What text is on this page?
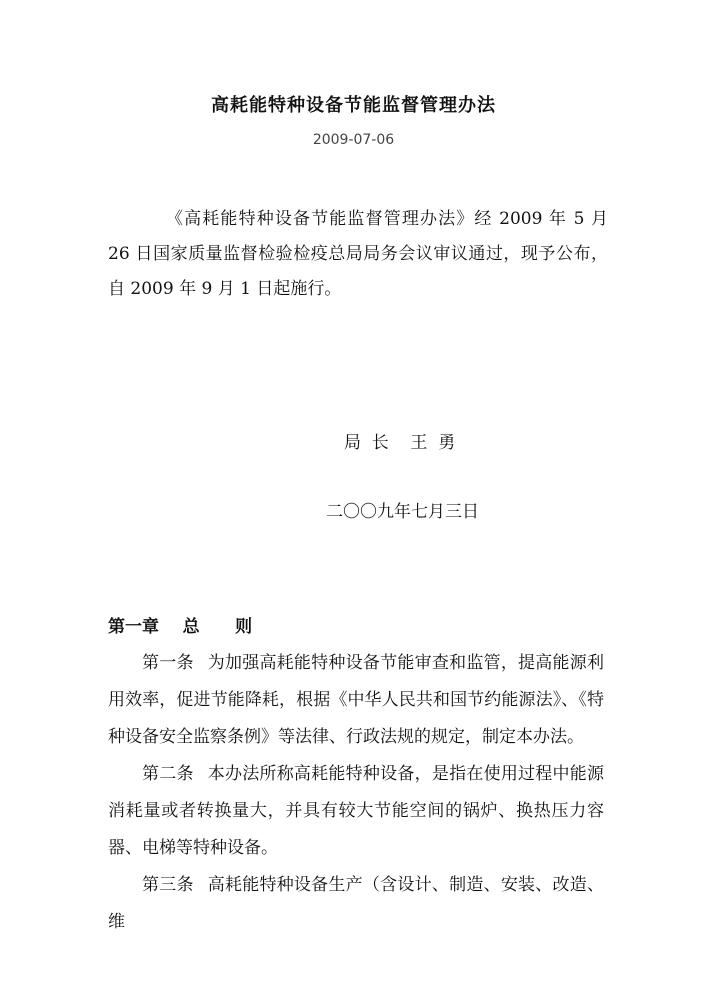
高耗能特种设备节能监督管理办法
2009-07-06

《高耗能特种设备节能监督管理办法》经 2009 年 5 月 26 日国家质量监督检验检疫总局局务会议审议通过，现予公布，自 2009 年 9 月 1 日起施行。

局  长    王  勇
二〇〇九年七月三日
第一章    总      则

第一条 为加强高耗能特种设备节能审查和监管，提高能源利用效率，促进节能降耗，根据《中华人民共和国节约能源法》、《特种设备安全监察条例》等法律、行政法规的规定，制定本办法。

第二条 本办法所称高耗能特种设备，是指在使用过程中能源消耗量或者转换量大，并具有较大节能空间的锅炉、换热压力容器、电梯等特种设备。

第三条 高耗能特种设备生产（含设计、制造、安装、改造、维
